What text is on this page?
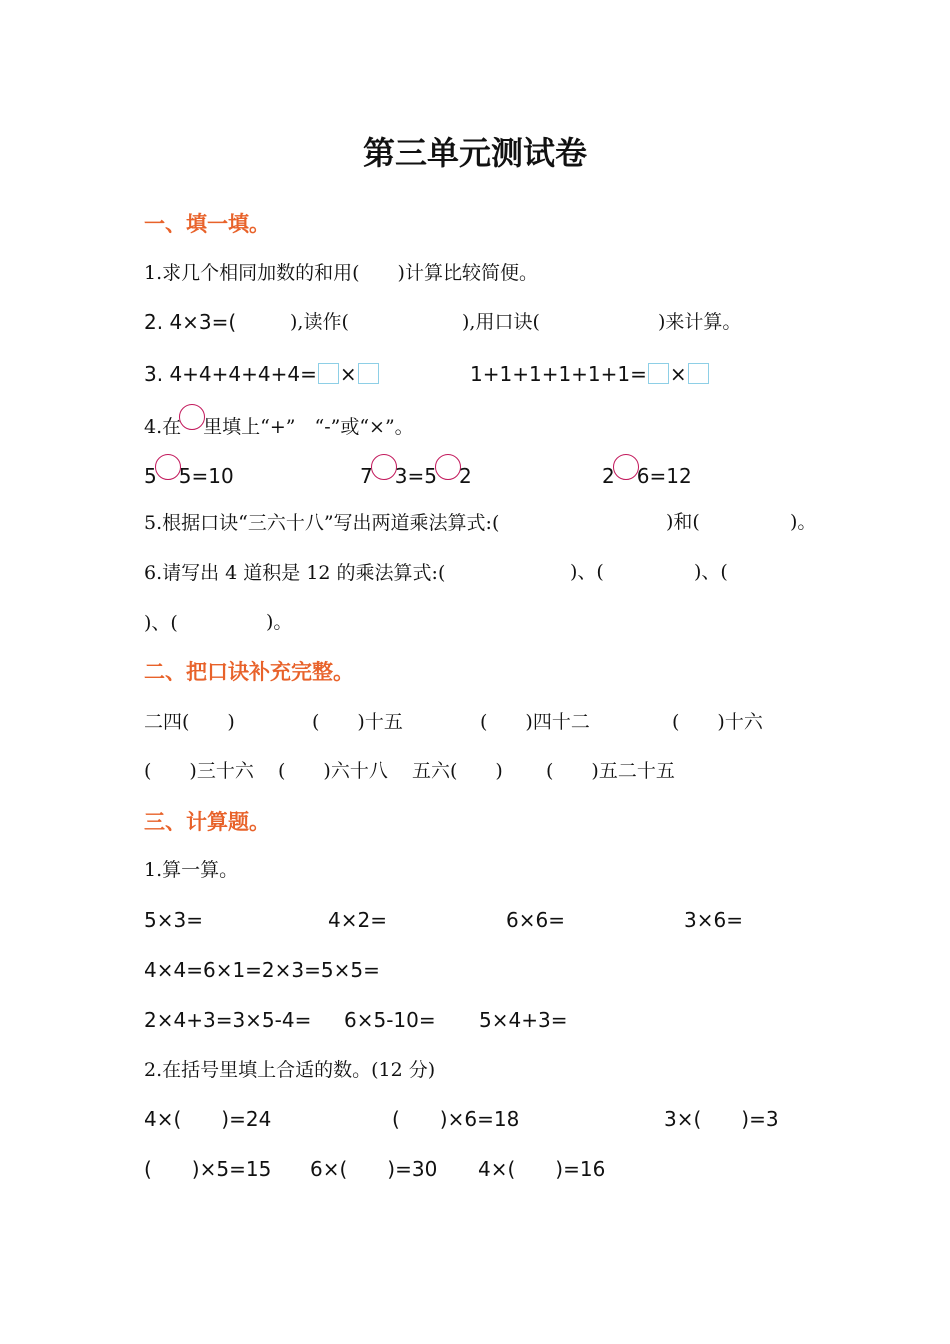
第三单元测试卷
一、填一填。
1.求几个相同加数的和用(　　)计算比较简便。
2. 4×3=(	),读作(	),用口诀(	)来计算。
3. 4+4+4+4+4= ×	1+1+1+1+1+1= ×
4.在 里填上“+”　“-”或“×”。
5 5=10	7 3=5 2	2 6=12
5.根据口诀“三六十八”写出两道乘法算式:(	)和(	)。
6.请写出 4 道积是 12 的乘法算式:(	)、(	)、(
)、(	)。
二、把口诀补充完整。
二四(　　)	(　　)十五	(　　)四十二	(　　)十六
(　　)三十六 (　　)六十八 五六(　　) (　　)五二十五
三、计算题。
1.算一算。
5×3=	4×2=	6×6=	3×6=
4×4=6×1=2×3=5×5=
2×4+3=3×5-4= 6×5-10= 5×4+3=
2.在括号里填上合适的数。(12 分)
4×(　　)=24	(　　)×6=18	3×(　　)=3
(　　)×5=15 6×(　　)=30 4×(　　)=16
